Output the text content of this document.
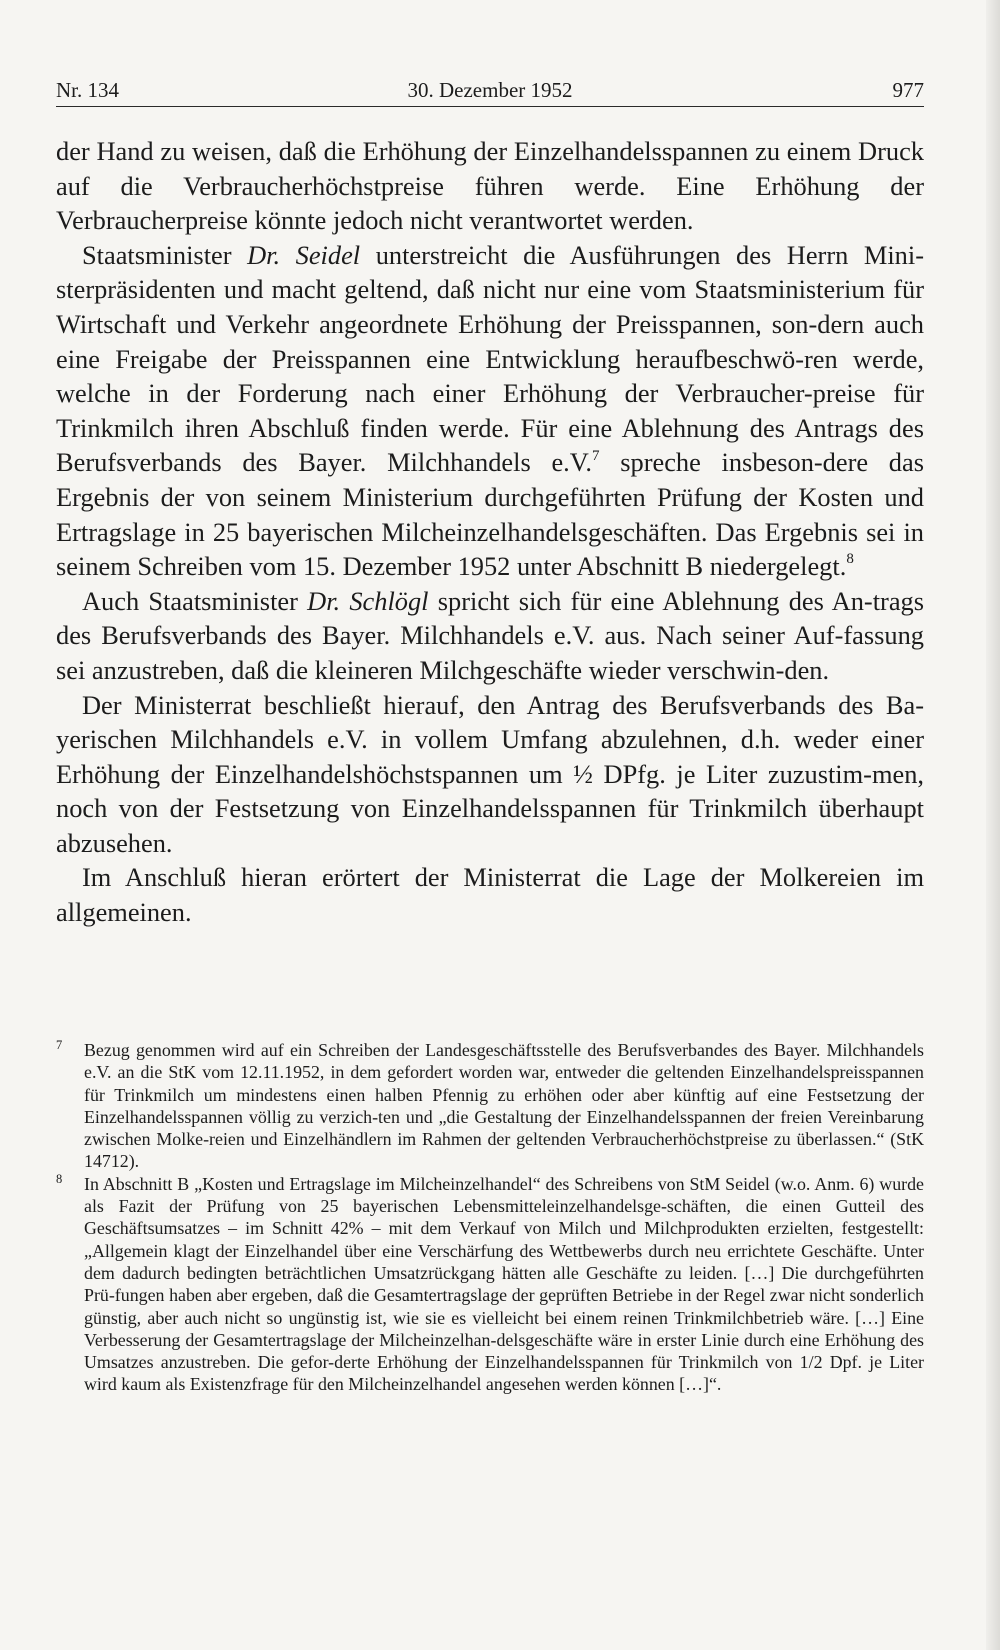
Nr. 134	30. Dezember 1952	977

der Hand zu weisen, daß die Erhöhung der Einzelhandelsspannen zu einem Druck auf die Verbraucherhöchstpreise führen werde. Eine Erhöhung der Verbraucherpreise könnte jedoch nicht verantwortet werden.

Staatsminister Dr. Seidel unterstreicht die Ausführungen des Herrn Mini-sterpräsidenten und macht geltend, daß nicht nur eine vom Staatsministerium für Wirtschaft und Verkehr angeordnete Erhöhung der Preisspannen, son-dern auch eine Freigabe der Preisspannen eine Entwicklung heraufbeschwö-ren werde, welche in der Forderung nach einer Erhöhung der Verbraucher-preise für Trinkmilch ihren Abschluß finden werde. Für eine Ablehnung des Antrags des Berufsverbands des Bayer. Milchhandels e.V.$^7$ spreche insbeson-dere das Ergebnis der von seinem Ministerium durchgeführten Prüfung der Kosten und Ertragslage in 25 bayerischen Milcheinzelhandelsgeschäften. Das Ergebnis sei in seinem Schreiben vom 15. Dezember 1952 unter Abschnitt B niedergelegt.$^8$

Auch Staatsminister Dr. Schlögl spricht sich für eine Ablehnung des An-trags des Berufsverbands des Bayer. Milchhandels e.V. aus. Nach seiner Auf-fassung sei anzustreben, daß die kleineren Milchgeschäfte wieder verschwin-den.

Der Ministerrat beschließt hierauf, den Antrag des Berufsverbands des Ba-yerischen Milchhandels e.V. in vollem Umfang abzulehnen, d.h. weder einer Erhöhung der Einzelhandelshöchstspannen um ½ DPfg. je Liter zuzustim-men, noch von der Festsetzung von Einzelhandelsspannen für Trinkmilch überhaupt abzusehen.

Im Anschluß hieran erörtert der Ministerrat die Lage der Molkereien im allgemeinen.

7 Bezug genommen wird auf ein Schreiben der Landesgeschäftsstelle des Berufsverbandes des Bayer. Milchhandels e.V. an die StK vom 12.11.1952, in dem gefordert worden war, entweder die geltenden Einzelhandelspreisspannen für Trinkmilch um mindestens einen halben Pfennig zu erhöhen oder aber künftig auf eine Festsetzung der Einzelhandelsspannen völlig zu verzich-ten und „die Gestaltung der Einzelhandelsspannen der freien Vereinbarung zwischen Molke-reien und Einzelhändlern im Rahmen der geltenden Verbraucherhöchstpreise zu überlassen.“ (StK 14712).

8 In Abschnitt B „Kosten und Ertragslage im Milcheinzelhandel“ des Schreibens von StM Seidel (w.o. Anm. 6) wurde als Fazit der Prüfung von 25 bayerischen Lebensmitteleinzelhandelsge-schäften, die einen Gutteil des Geschäftsumsatzes – im Schnitt 42% – mit dem Verkauf von Milch und Milchprodukten erzielten, festgestellt: „Allgemein klagt der Einzelhandel über eine Verschärfung des Wettbewerbs durch neu errichtete Geschäfte. Unter dem dadurch bedingten beträchtlichen Umsatzrückgang hätten alle Geschäfte zu leiden. […] Die durchgeführten Prü-fungen haben aber ergeben, daß die Gesamtertragslage der geprüften Betriebe in der Regel zwar nicht sonderlich günstig, aber auch nicht so ungünstig ist, wie sie es vielleicht bei einem reinen Trinkmilchbetrieb wäre. […] Eine Verbesserung der Gesamtertragslage der Milcheinzelhan-delsgeschäfte wäre in erster Linie durch eine Erhöhung des Umsatzes anzustreben. Die gefor-derte Erhöhung der Einzelhandelsspannen für Trinkmilch von 1/2 Dpf. je Liter wird kaum als Existenzfrage für den Milcheinzelhandel angesehen werden können […]“.
